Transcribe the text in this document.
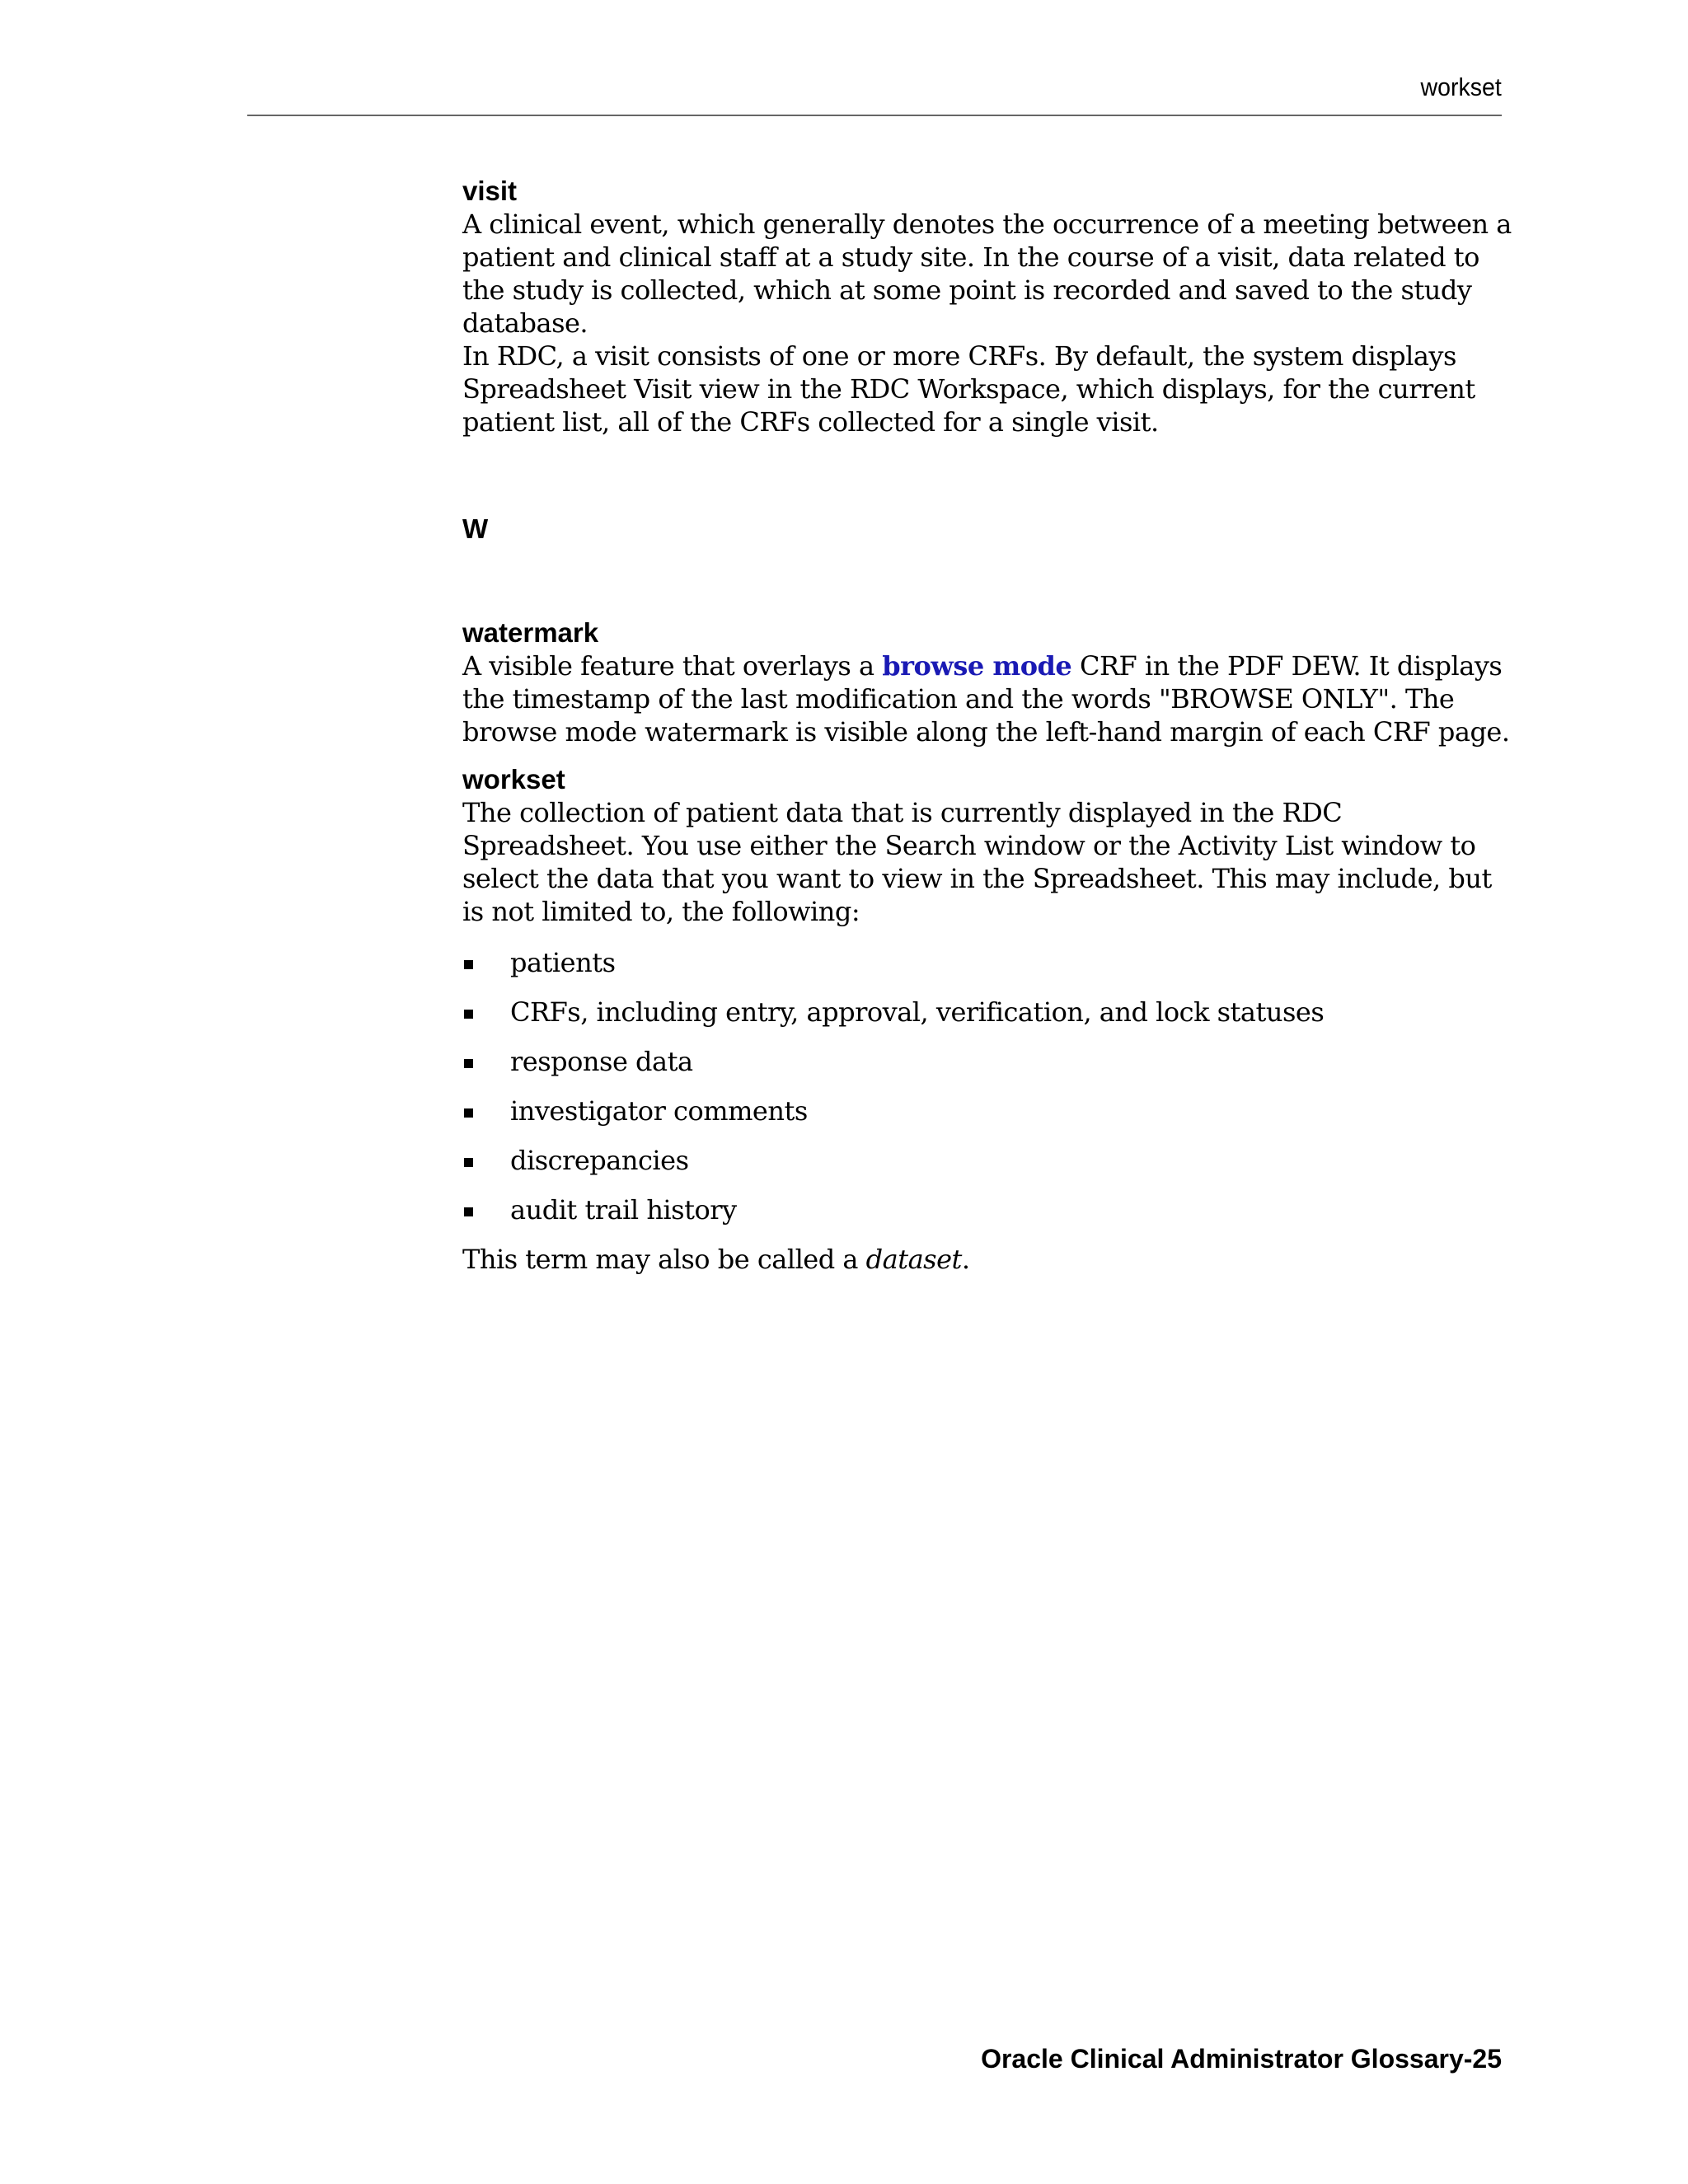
workset
visit

A clinical event, which generally denotes the occurrence of a meeting between a patient and clinical staff at a study site. In the course of a visit, data related to the study is collected, which at some point is recorded and saved to the study database.

In RDC, a visit consists of one or more CRFs. By default, the system displays Spreadsheet Visit view in the RDC Workspace, which displays, for the current patient list, all of the CRFs collected for a single visit.

W
watermark

A visible feature that overlays a browse mode CRF in the PDF DEW. It displays the timestamp of the last modification and the words "BROWSE ONLY". The browse mode watermark is visible along the left-hand margin of each CRF page.

workset

The collection of patient data that is currently displayed in the RDC Spreadsheet. You use either the Search window or the Activity List window to select the data that you want to view in the Spreadsheet. This may include, but is not limited to, the following:

patients
CRFs, including entry, approval, verification, and lock statuses
response data
investigator comments
discrepancies
audit trail history

This term may also be called a dataset.

Oracle Clinical Administrator Glossary-25
